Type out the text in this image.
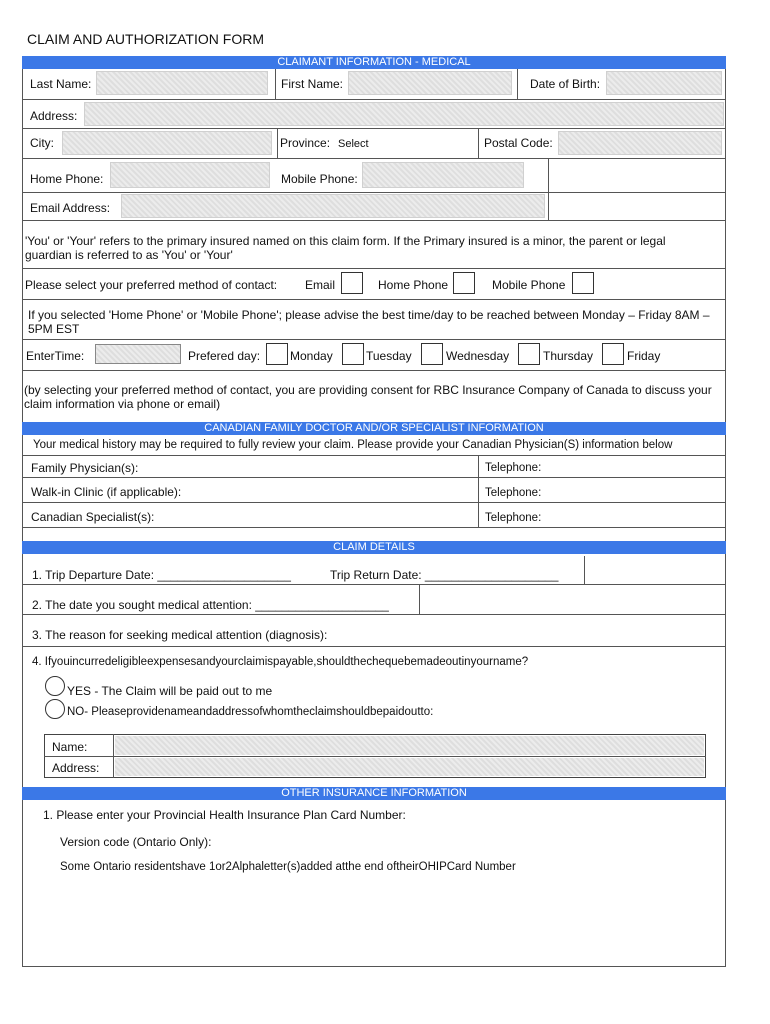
CLAIM AND AUTHORIZATION FORM
CLAIMANT INFORMATION - MEDICAL
Last Name:	First Name:	Date of Birth:
Address:
City:	Province: Select	Postal Code:
Home Phone:	Mobile Phone:
Email Address:
'You' or 'Your' refers to the primary insured named on this claim form. If the Primary insured is a minor, the parent or legal guardian is referred to as 'You' or 'Your'
Please select your preferred method of contact: Email	Home Phone	Mobile Phone
If you selected 'Home Phone' or 'Mobile Phone'; please advise the best time/day to be reached between Monday – Friday 8AM – 5PM EST
EnterTime:	Prefered day: Monday	Tuesday	Wednesday	Thursday	Friday
(by selecting your preferred method of contact, you are providing consent for RBC Insurance Company of Canada to discuss your claim information via phone or email)
CANADIAN FAMILY DOCTOR AND/OR SPECIALIST INFORMATION
Your medical history may be required to fully review your claim. Please provide your Canadian Physician(S) information below
Family Physician(s):	Telephone:
Walk-in Clinic (if applicable):	Telephone:
Canadian Specialist(s):	Telephone:
CLAIM DETAILS
1. Trip Departure Date: ____________________	Trip Return Date: ____________________
2. The date you sought medical attention: ____________________
3. The reason for seeking medical attention (diagnosis):
4. Ifyouincurredeligibleexpensesandyourclaimispayable,shouldthechequebemadeoutinyourname?
YES - The Claim will be paid out to me
NO- Pleaseprovidenameandaddressofwhomtheclaimshouldbepaidoutto:
Name:
Address:
OTHER INSURANCE INFORMATION
1. Please enter your Provincial Health Insurance Plan Card Number:
Version code (Ontario Only):
Some Ontario residentshave 1or2Alphaletter(s)added atthe end oftheirOHIPCard Number
